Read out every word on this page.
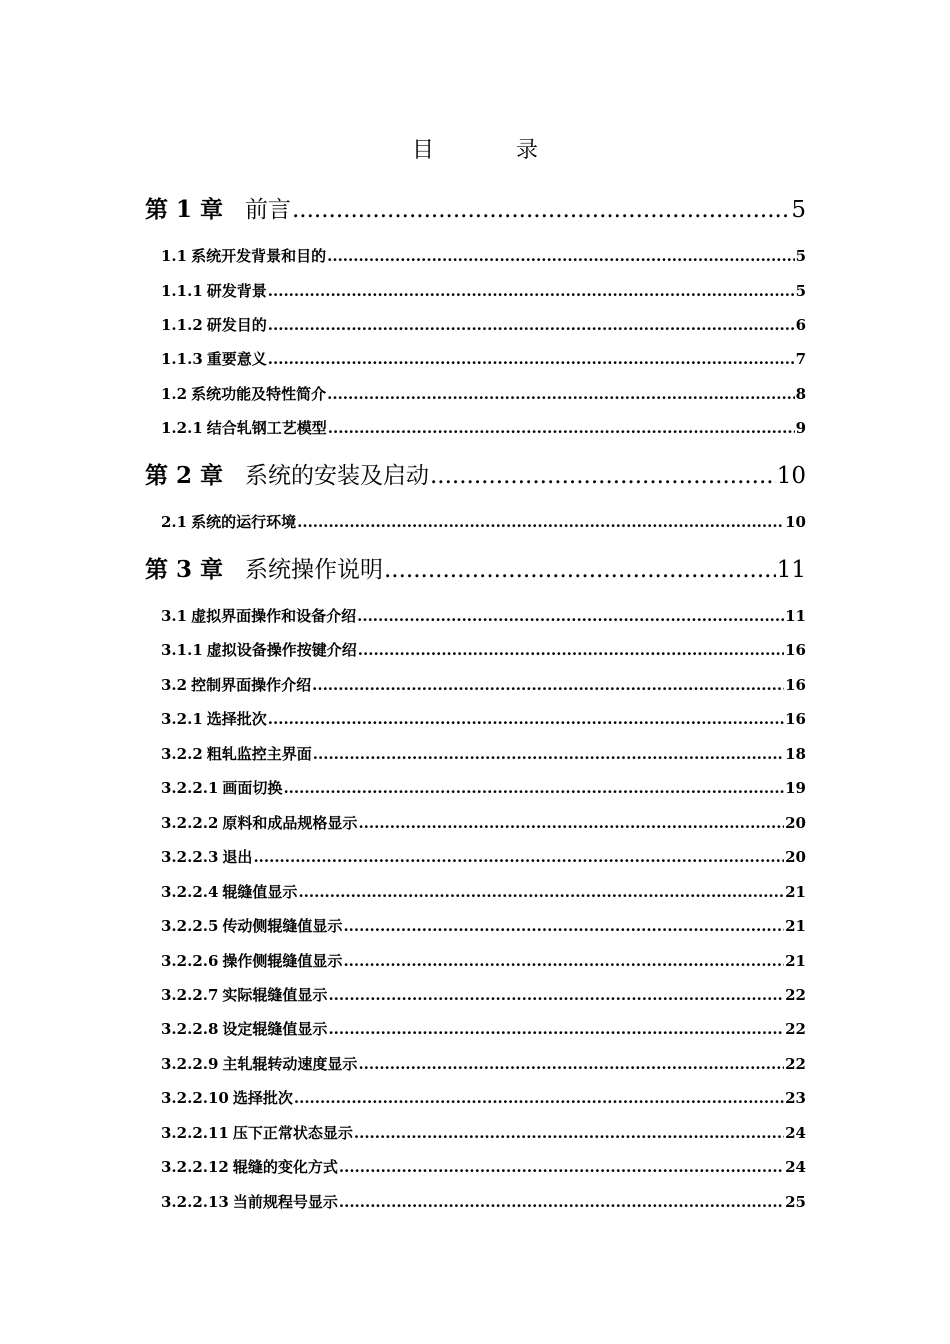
目　录
第 1 章 前言 .....	5
1.1 系统开发背景和目的 .....	5
1.1.1 研发背景 .....	5
1.1.2 研发目的 .....	6
1.1.3 重要意义 .....	7
1.2 系统功能及特性简介 .....	8
1.2.1 结合轧钢工艺模型 .....	9
第 2 章 系统的安装及启动 .....	10
2.1 系统的运行环境 .....	10
第 3 章 系统操作说明 .....	11
3.1 虚拟界面操作和设备介绍 .....	11
3.1.1 虚拟设备操作按键介绍 .....	16
3.2 控制界面操作介绍 .....	16
3.2.1 选择批次 .....	16
3.2.2 粗轧监控主界面 .....	18
3.2.2.1 画面切换 .....	19
3.2.2.2 原料和成品规格显示 .....	20
3.2.2.3 退出 .....	20
3.2.2.4 辊缝值显示 .....	21
3.2.2.5 传动侧辊缝值显示 .....	21
3.2.2.6 操作侧辊缝值显示 .....	21
3.2.2.7 实际辊缝值显示 .....	22
3.2.2.8 设定辊缝值显示 .....	22
3.2.2.9 主轧辊转动速度显示 .....	22
3.2.2.10 选择批次 .....	23
3.2.2.11 压下正常状态显示 .....	24
3.2.2.12 辊缝的变化方式 .....	24
3.2.2.13 当前规程号显示 .....	25
